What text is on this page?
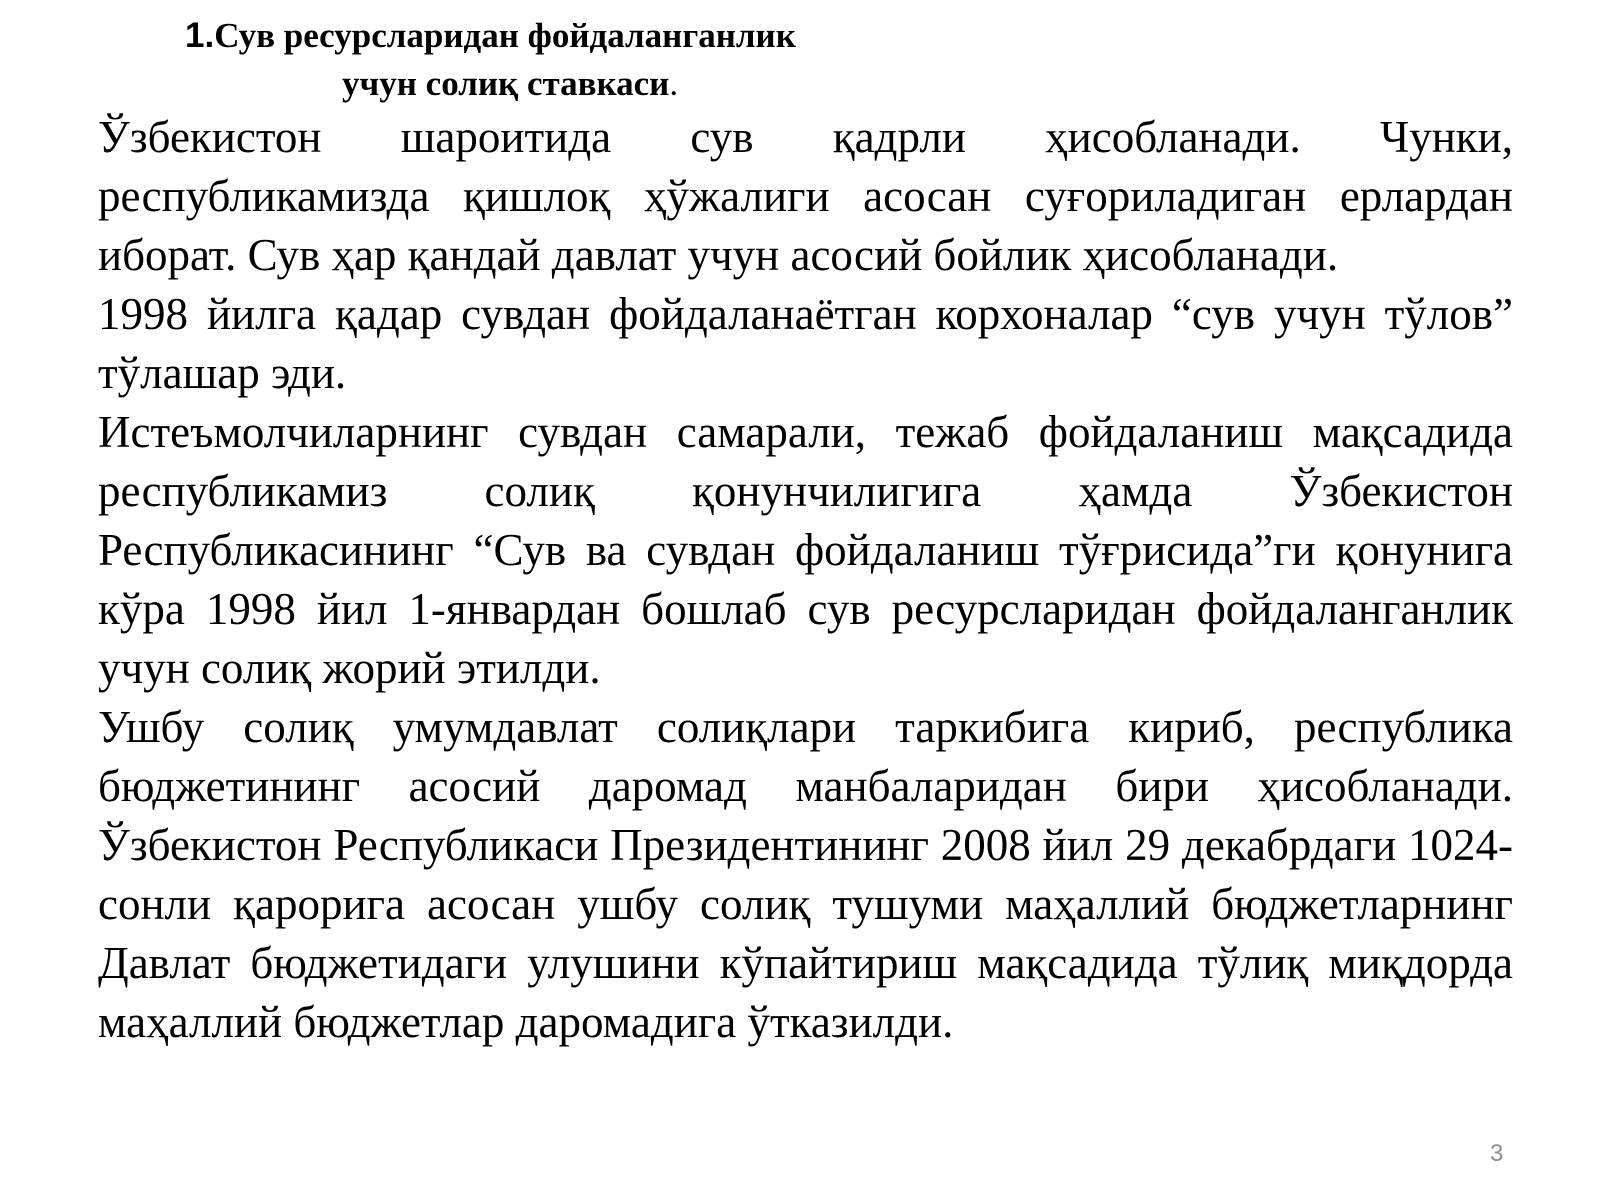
1.Сув ресурсларидан фойдаланганлик
учун солиқ ставкаси.

Ўзбекистон шароитида сув қадрли ҳисобланади. Чунки, республикамизда қишлоқ ҳўжалиги асосан суғориладиган ерлардан иборат. Сув ҳар қандай давлат учун асосий бойлик ҳисобланади.

1998 йилга қадар сувдан фойдаланаётган корхоналар “сув учун тўлов” тўлашар эди.

Истеъмолчиларнинг сувдан самарали, тежаб фойдаланиш мақсадида республикамиз солиқ қонунчилигига ҳамда Ўзбекистон Республикасининг “Сув ва сувдан фойдаланиш тўғрисида”ги қонунига кўра 1998 йил 1-январдан бошлаб сув ресурсларидан фойдаланганлик учун солиқ жорий этилди.

Ушбу солиқ умумдавлат солиқлари таркибига кириб, республика бюджетининг асосий даромад манбаларидан бири ҳисобланади. Ўзбекистон Республикаси Президентининг 2008 йил 29 декабрдаги 1024-сонли қарорига асосан ушбу солиқ тушуми маҳаллий бюджетларнинг Давлат бюджетидаги улушини кўпайтириш мақсадида тўлиқ миқдорда маҳаллий бюджетлар даромадига ўтказилди.

3
